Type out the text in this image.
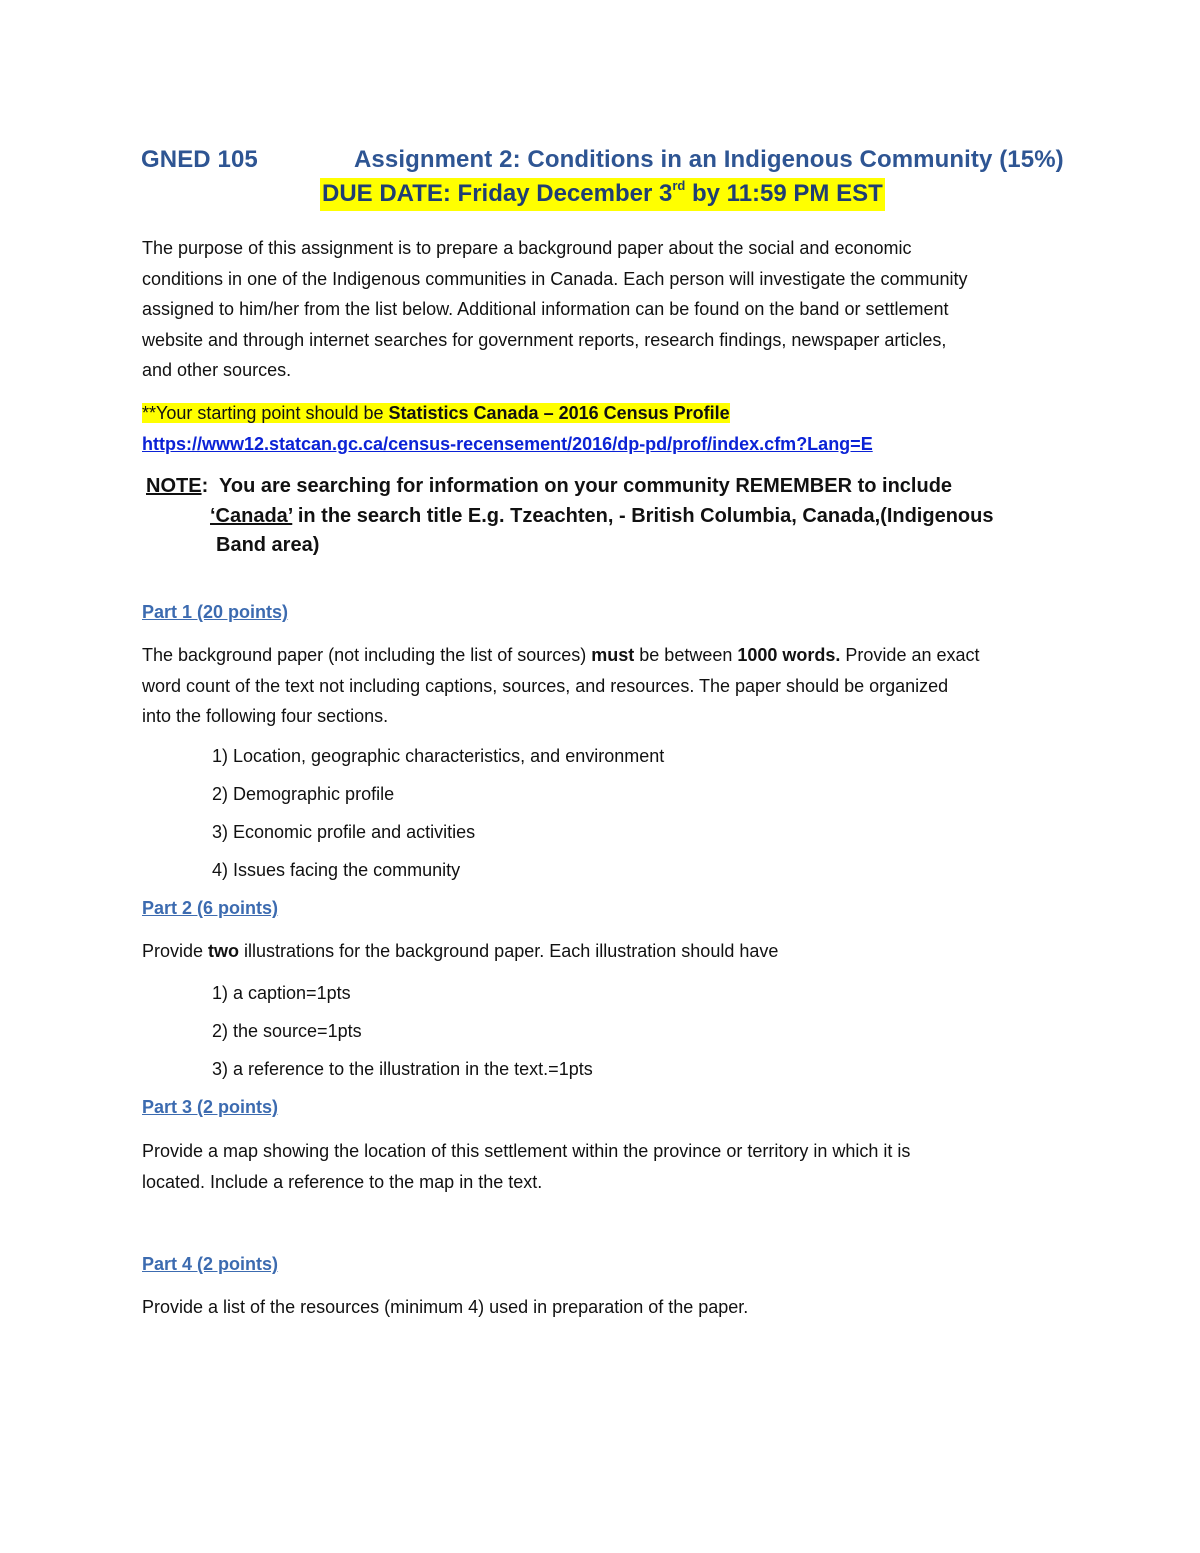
GNED 105	Assignment 2: Conditions in an Indigenous Community (15%)
DUE DATE: Friday December 3rd by 11:59 PM EST
The purpose of this assignment is to prepare a background paper about the social and economic
conditions in one of the Indigenous communities in Canada. Each person will investigate the community
assigned to him/her from the list below. Additional information can be found on the band or settlement
website and through internet searches for government reports, research findings, newspaper articles,
and other sources.
**Your starting point should be Statistics Canada – 2016 Census Profile
https://www12.statcan.gc.ca/census-recensement/2016/dp-pd/prof/index.cfm?Lang=E
NOTE: You are searching for information on your community REMEMBER to include
‘Canada’ in the search title E.g. Tzeachten, - British Columbia, Canada,(Indigenous
Band area)
Part 1 (20 points)
The background paper (not including the list of sources) must be between 1000 words. Provide an exact
word count of the text not including captions, sources, and resources. The paper should be organized
into the following four sections.
1) Location, geographic characteristics, and environment
2) Demographic profile
3) Economic profile and activities
4) Issues facing the community
Part 2 (6 points)
Provide two illustrations for the background paper. Each illustration should have
1) a caption=1pts
2) the source=1pts
3) a reference to the illustration in the text.=1pts
Part 3 (2 points)
Provide a map showing the location of this settlement within the province or territory in which it is
located. Include a reference to the map in the text.
Part 4 (2 points)
Provide a list of the resources (minimum 4) used in preparation of the paper.
